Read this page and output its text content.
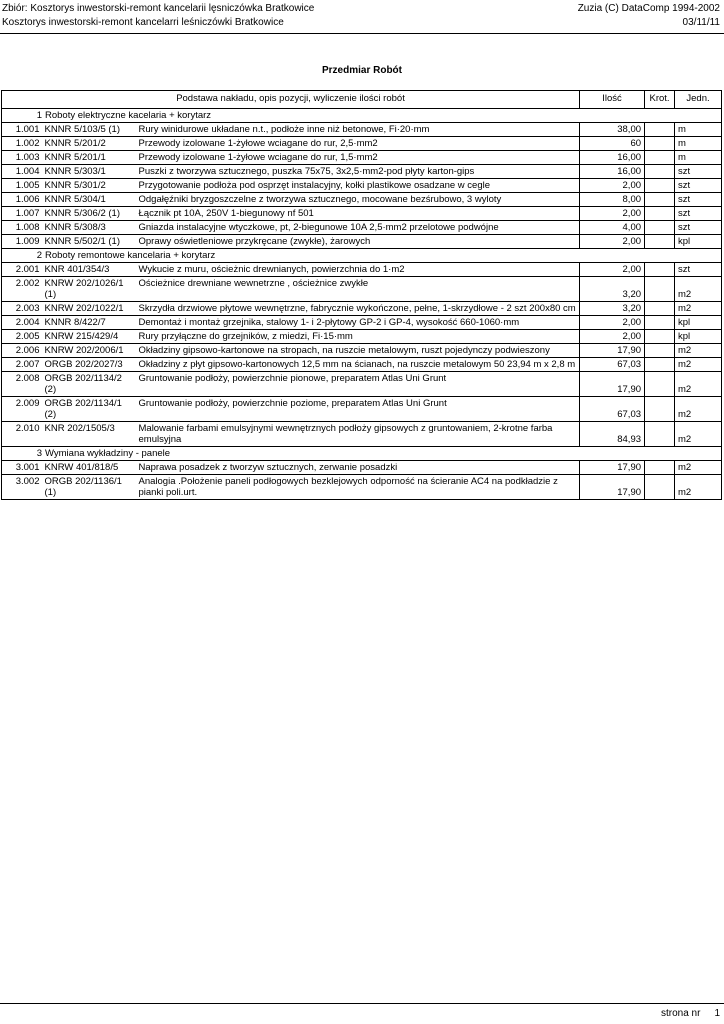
Zbiór: Kosztorys inwestorski-remont kancelarii lęsniczówka Bratkowice	Zuzia (C) DataComp 1994-2002
Kosztorys inwestorski-remont kancelarri leśniczówki Bratkowice	03/11/11
Przedmiar Robót
Podstawa nakładu, opis pozycji, wyliczenie ilości robót			Ilość	Krot.	Jedn.
1 Roboty elektryczne kacelaria + korytarz					
1.001	KNNR 5/103/5 (1)	Rury winidurowe układane n.t., podłoże inne niż betonowe, Fi·20·mm	38,00		m
1.002	KNNR 5/201/2	Przewody izolowane 1-żyłowe wciagane do rur, 2,5·mm2	60		m
1.003	KNNR 5/201/1	Przewody izolowane 1-żyłowe wciagane do rur, 1,5·mm2	16,00		m
1.004	KNNR 5/303/1	Puszki z tworzywa sztucznego, puszka 75x75, 3x2,5·mm2-pod płyty karton-gips	16,00		szt
1.005	KNNR 5/301/2	Przygotowanie podłoża pod osprzęt instalacyjny, kołki plastikowe osadzane w cegle	2,00		szt
1.006	KNNR 5/304/1	Odgałęźniki bryzgoszczelne z tworzywa sztucznego, mocowane bezśrubowo, 3 wyloty	8,00		szt
1.007	KNNR 5/306/2 (1)	Łącznik pt 10A, 250V 1-biegunowy nf 501	2,00		szt
1.008	KNNR 5/308/3	Gniazda instalacyjne wtyczkowe, pt, 2-biegunowe 10A 2,5·mm2 przelotowe podwójne	4,00		szt
1.009	KNNR 5/502/1 (1)	Oprawy oświetleniowe przykręcane (zwykłe), żarowych	2,00		kpl
2 Roboty remontowe kancelaria + korytarz					
2.001	KNR 401/354/3	Wykucie z muru, ościeżnic drewnianych, powierzchnia do 1·m2	2,00		szt
2.002	KNRW 202/1026/1 (1)	Ościeżnice drewniane wewnetrzne , ościeżnice zwykłe	3,20		m2
2.003	KNRW 202/1022/1	Skrzydła drzwiowe płytowe wewnętrzne, fabrycznie wykończone, pełne, 1-skrzydłowe - 2 szt 200x80 cm	3,20		m2
2.004	KNNR 8/422/7	Demontaż i montaż grzejnika, stalowy 1- i 2-płytowy GP-2 i GP-4, wysokość 660-1060·mm	2,00		kpl
2.005	KNRW 215/429/4	Rury przyłączne do grzejników, z miedzi, Fi·15·mm	2,00		kpl
2.006	KNRW 202/2006/1	Okładziny gipsowo-kartonowe na stropach, na ruszcie metalowym, ruszt pojedynczy podwieszony	17,90		m2
2.007	ORGB 202/2027/3	Okładziny z płyt gipsowo-kartonowych 12,5 mm na ścianach, na ruszcie metalowym 50 23,94 m x 2,8 m	67,03		m2
2.008	ORGB 202/1134/2 (2)	Gruntowanie podłoży, powierzchnie pionowe, preparatem Atlas Uni Grunt	17,90		m2
2.009	ORGB 202/1134/1 (2)	Gruntowanie podłoży, powierzchnie poziome, preparatem Atlas Uni Grunt	67,03		m2
2.010	KNR 202/1505/3	Malowanie farbami emulsyjnymi wewnętrznych podłoży gipsowych z gruntowaniem, 2-krotne farba emulsyjna	84,93		m2
3 Wymiana wykładziny - panele					
3.001	KNRW 401/818/5	Naprawa posadzek z tworzyw sztucznych, zerwanie posadzki	17,90		m2
3.002	ORGB 202/1136/1 (1)	Analogia .Położenie paneli podłogowych bezklejowych odporność na ścieranie AC4 na podkładzie z pianki poli.urt.	17,90		m2
strona nr 1
